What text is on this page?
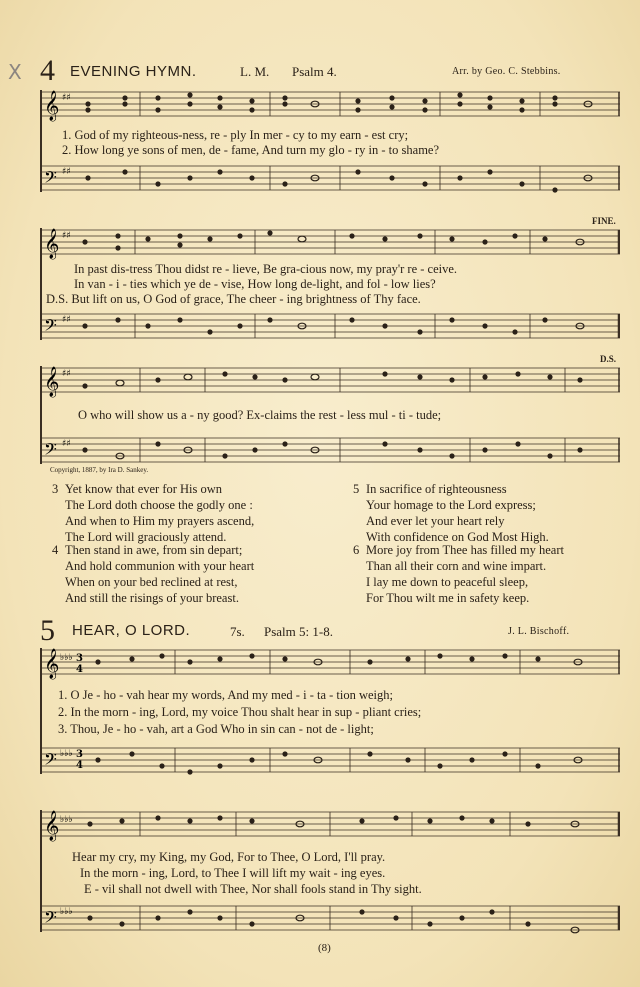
X 4 EVENING HYMN.	L. M. Psalm 4.	Arr. by Geo. C. Stebbins.
𝄞
𝄢
♯♯
♯♯
1. God of my righteous-ness, re - ply In mer - cy to my earn - est cry;
2. How long ye sons of men, de - fame, And turn my glo - ry in - to shame?
FINE.
𝄞
𝄢
♯♯
♯♯
In past dis-tress Thou didst re - lieve, Be gra-cious now, my pray'r re - ceive.
In van - i - ties which ye de - vise, How long de-light, and fol - low lies?
D.S. But lift on us, O God of grace, The cheer - ing brightness of Thy face.
D.S.
𝄞
𝄢
♯♯
♯♯
O who will show us a - ny good? Ex-claims the rest - less mul - ti - tude;
Copyright, 1887, by Ira D. Sankey.
3 Yet know that ever for His own

The Lord doth choose the godly one :
And when to Him my prayers ascend,
The Lord will graciously attend.
4 Then stand in awe, from sin depart;

And hold communion with your heart
When on your bed reclined at rest,
And still the risings of your breast.
5 In sacrifice of righteousness

Your homage to the Lord express;
And ever let your heart rely
With confidence on God Most High.
6 More joy from Thee has filled my heart

Than all their corn and wine impart.
I lay me down to peaceful sleep,
For Thou wilt me in safety keep.
5 HEAR, O LORD.	7s. Psalm 5: 1-8.	J. L. Bischoff.
𝄞
𝄢
♭♭♭
♭♭♭
3
4
3
4
1. O Je - ho - vah hear my words, And my med - i - ta - tion weigh;
2. In the morn - ing, Lord, my voice Thou shalt hear in sup - pliant cries;
3. Thou, Je - ho - vah, art a God Who in sin can - not de - light;
𝄞
𝄢
♭♭♭
♭♭♭
Hear my cry, my King, my God, For to Thee, O Lord, I'll pray.
In the morn - ing, Lord, to Thee I will lift my wait - ing eyes.
E - vil shall not dwell with Thee, Nor shall fools stand in Thy sight.
(8)
